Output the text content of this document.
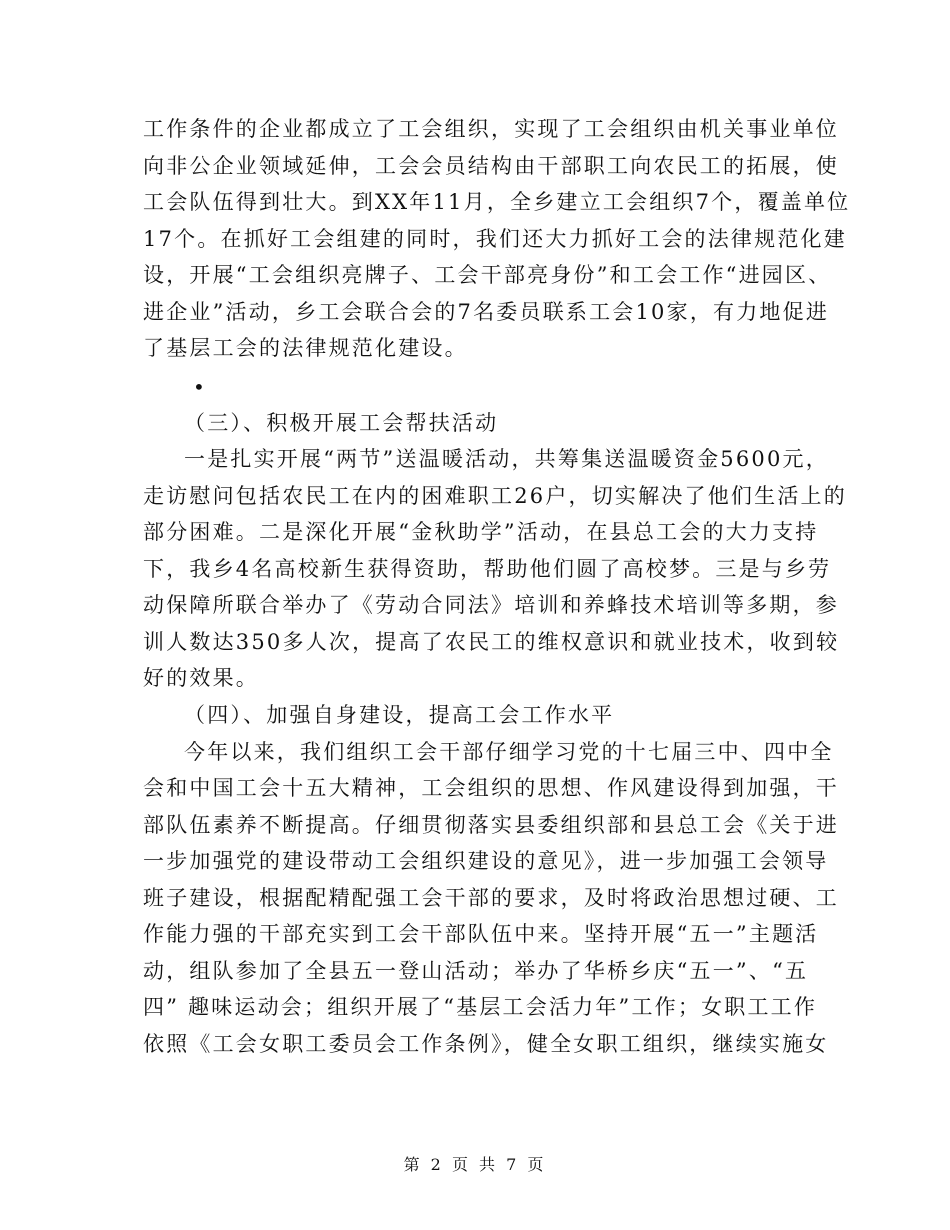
工作条件的企业都成立了工会组织，实现了工会组织由机关事业单位
向非公企业领域延伸，工会会员结构由干部职工向农民工的拓展，使
工会队伍得到壮大。到XX年11月，全乡建立工会组织7个，覆盖单位
17个。在抓好工会组建的同时，我们还大力抓好工会的法律规范化建
设，开展“工会组织亮牌子、工会干部亮身份”和工会工作“进园区、
进企业”活动，乡工会联合会的7名委员联系工会10家，有力地促进
了基层工会的法律规范化建设。
•
（三）、积极开展工会帮扶活动
一是扎实开展“两节”送温暖活动，共筹集送温暖资金5600元，
走访慰问包括农民工在内的困难职工26户，切实解决了他们生活上的
部分困难。二是深化开展“金秋助学”活动，在县总工会的大力支持
下，我乡4名高校新生获得资助，帮助他们圆了高校梦。三是与乡劳
动保障所联合举办了《劳动合同法》培训和养蜂技术培训等多期，参
训人数达350多人次，提高了农民工的维权意识和就业技术，收到较
好的效果。
（四）、加强自身建设，提高工会工作水平
今年以来，我们组织工会干部仔细学习党的十七届三中、四中全
会和中国工会十五大精神，工会组织的思想、作风建设得到加强，干
部队伍素养不断提高。仔细贯彻落实县委组织部和县总工会《关于进
一步加强党的建设带动工会组织建设的意见》，进一步加强工会领导
班子建设，根据配精配强工会干部的要求，及时将政治思想过硬、工
作能力强的干部充实到工会干部队伍中来。坚持开展“五一”主题活
动，组队参加了全县五一登山活动；举办了华桥乡庆“五一”、“五
四” 趣味运动会；组织开展了“基层工会活力年”工作；女职工工作
依照《工会女职工委员会工作条例》，健全女职工组织，继续实施女
第 2 页 共 7 页
